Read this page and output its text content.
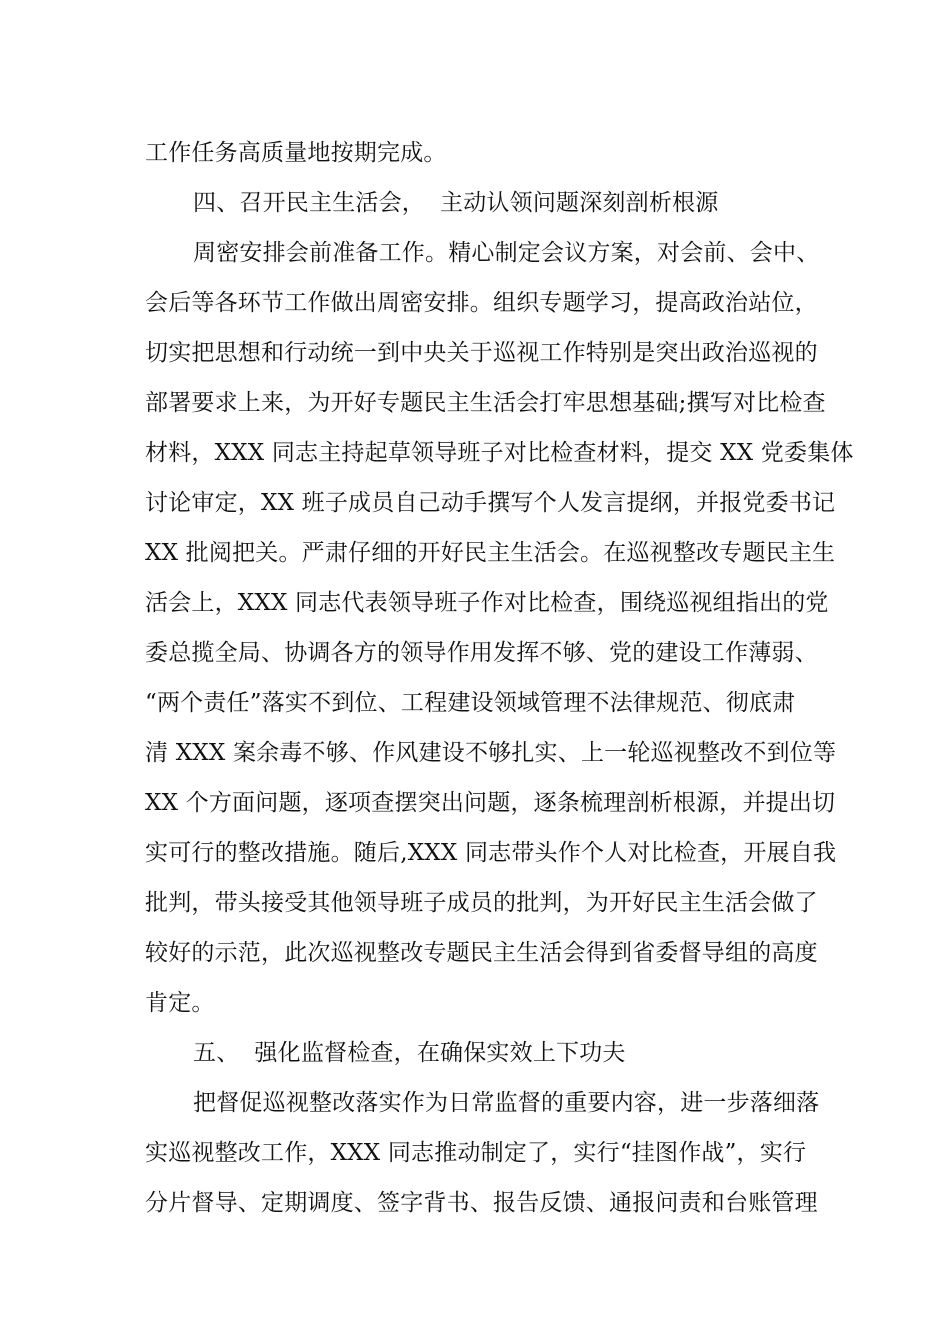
工作任务高质量地按期完成。
四、召开民主生活会，  主动认领问题深刻剖析根源
周密安排会前准备工作。精心制定会议方案，对会前、会中、
会后等各环节工作做出周密安排。组织专题学习，提高政治站位，
切实把思想和行动统一到中央关于巡视工作特别是突出政治巡视的
部署要求上来，为开好专题民主生活会打牢思想基础;撰写对比检查
材料，XXX 同志主持起草领导班子对比检查材料，提交 XX 党委集体
讨论审定，XX 班子成员自己动手撰写个人发言提纲，并报党委书记
XX 批阅把关。严肃仔细的开好民主生活会。在巡视整改专题民主生
活会上，XXX 同志代表领导班子作对比检查，围绕巡视组指出的党
委总揽全局、协调各方的领导作用发挥不够、党的建设工作薄弱、
“两个责任”落实不到位、工程建设领域管理不法律规范、彻底肃
清 XXX 案余毒不够、作风建设不够扎实、上一轮巡视整改不到位等
XX 个方面问题，逐项查摆突出问题，逐条梳理剖析根源，并提出切
实可行的整改措施。随后,XXX 同志带头作个人对比检查，开展自我
批判，带头接受其他领导班子成员的批判，为开好民主生活会做了
较好的示范，此次巡视整改专题民主生活会得到省委督导组的高度
肯定。
五、  强化监督检查，在确保实效上下功夫
把督促巡视整改落实作为日常监督的重要内容，进一步落细落
实巡视整改工作，XXX 同志推动制定了，实行“挂图作战”，实行
分片督导、定期调度、签字背书、报告反馈、通报问责和台账管理
